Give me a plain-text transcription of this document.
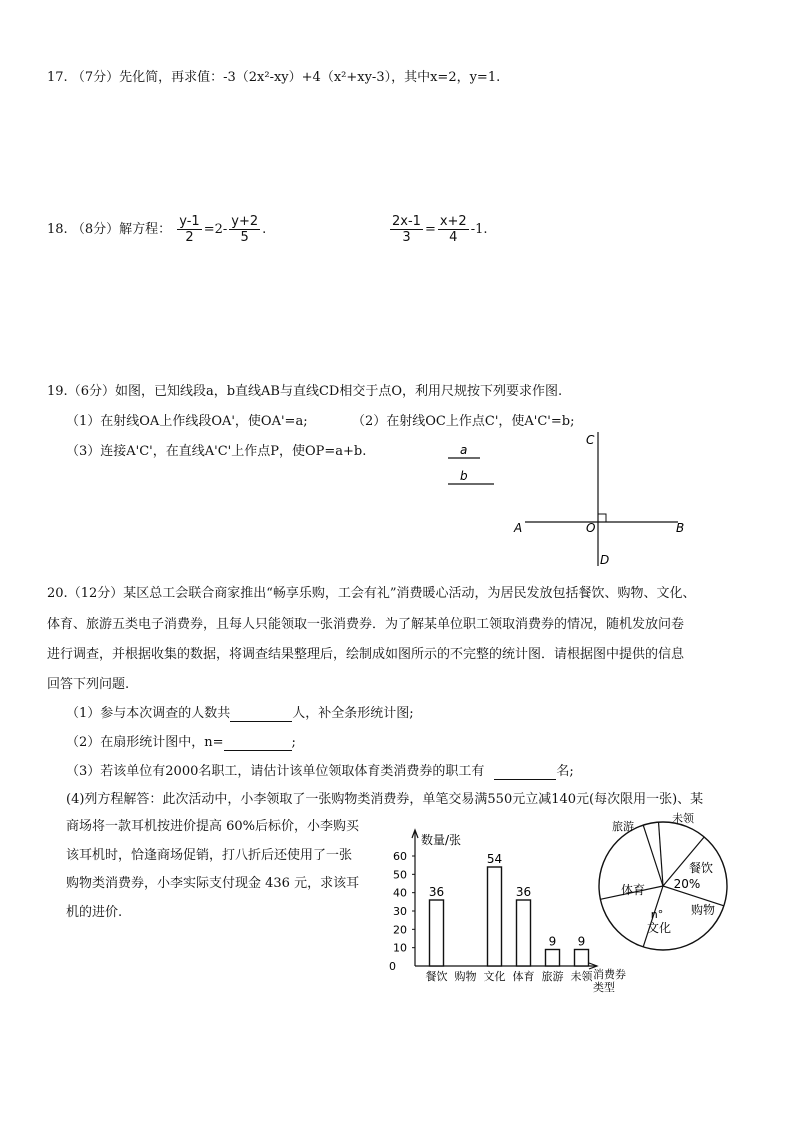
17. （7分）先化简，再求值：-3（2x²-xy）+4（x²+xy-3），其中x=2，y=1.
18. （8分）解方程： $\frac{y-1}{2} =2- \frac{y+2}{5}$ .	$\frac{2x-1}{3} = \frac{x+2}{4} -1$.
19.（6分）如图，已知线段a，b直线AB与直线CD相交于点O，利用尺规按下列要求作图.
（1）在射线OA上作线段OA'，使OA'=a;	（2）在射线OC上作点C'，使A'C'=b;
（3）连接A'C'，在直线A'C'上作点P，使OP=a+b.	a
b
C
O
A	B
D
20.（12分）某区总工会联合商家推出“畅享乐购，工会有礼”消费暖心活动，为居民发放包括餐饮、购物、文化、
体育、旅游五类电子消费券，且每人只能领取一张消费券．为了解某单位职工领取消费券的情况，随机发放问卷
进行调查，并根据收集的数据，将调查结果整理后，绘制成如图所示的不完整的统计图．请根据图中提供的信息
回答下列问题.
（1）参与本次调查的人数共	人，补全条形统计图;
（2）在扇形统计图中，n=	;
（3）若该单位有2000名职工，请估计该单位领取体育类消费券的职工有	名;
(4)列方程解答：此次活动中，小李领取了一张购物类消费券，单笔交易满550元立减140元(每次限用一张)、某
商场将一款耳机按进价提高 60%后标价，小李购买
该耳机时，恰逢商场促销，打八折后还使用了一张
购物类消费券，小李实际支付现金 436 元，求该耳
机的进价.
数量/张
消费券
类型
0
10
20
30
40
50
60
餐饮 购物 文化 体育 旅游 未领
36
54
36
9 9
餐饮
20%
购物
文化
n°
体育
旅游
未领
